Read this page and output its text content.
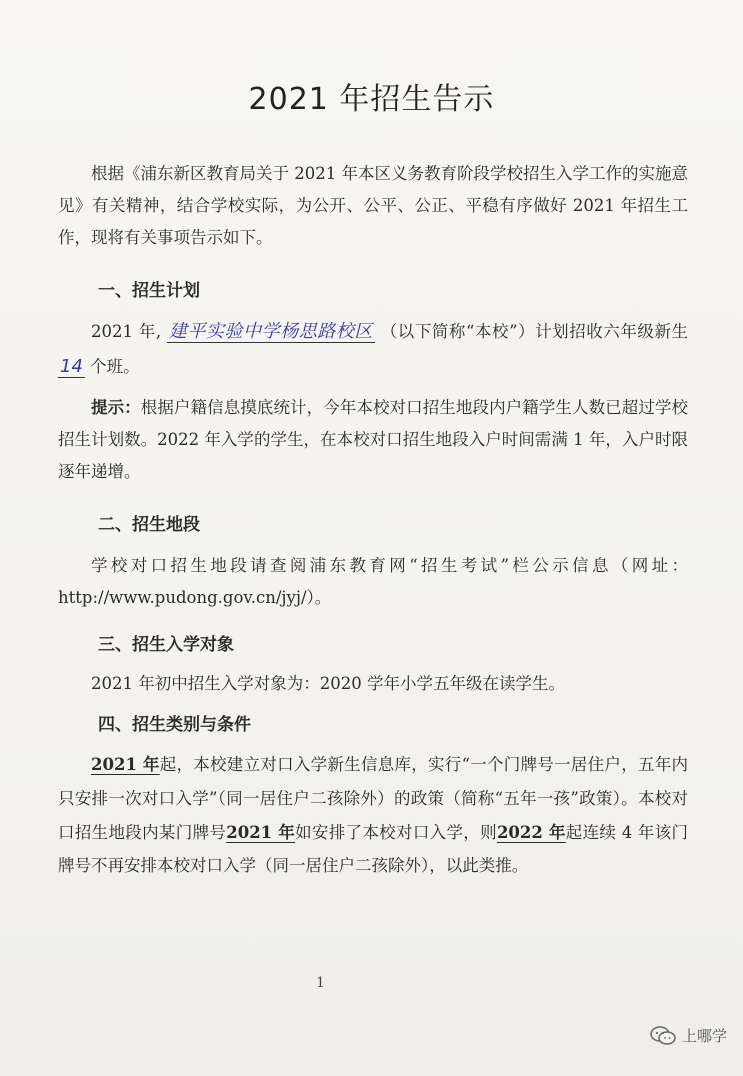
2021 年招生告示

根据《浦东新区教育局关于 2021 年本区义务教育阶段学校招生入学工作的实施意见》有关精神，结合学校实际，为公开、公平、公正、平稳有序做好 2021 年招生工作，现将有关事项告示如下。

一、招生计划

2021 年, 建平实验中学杨思路校区 （以下简称“本校”）计划招收六年级新生 14 个班。

提示：根据户籍信息摸底统计，今年本校对口招生地段内户籍学生人数已超过学校招生计划数。2022 年入学的学生，在本校对口招生地段入户时间需满 1 年，入户时限逐年递增。

二、招生地段

学校对口招生地段请查阅浦东教育网“招生考试”栏公示信息（网址：http://www.pudong.gov.cn/jyj/）。

三、招生入学对象

2021 年初中招生入学对象为：2020 学年小学五年级在读学生。

四、招生类别与条件

2021 年起，本校建立对口入学新生信息库，实行“一个门牌号一居住户，五年内只安排一次对口入学”（同一居住户二孩除外）的政策（简称“五年一孩”政策）。本校对口招生地段内某门牌号2021 年如安排了本校对口入学，则2022 年起连续 4 年该门牌号不再安排本校对口入学（同一居住户二孩除外），以此类推。

1
上哪学
